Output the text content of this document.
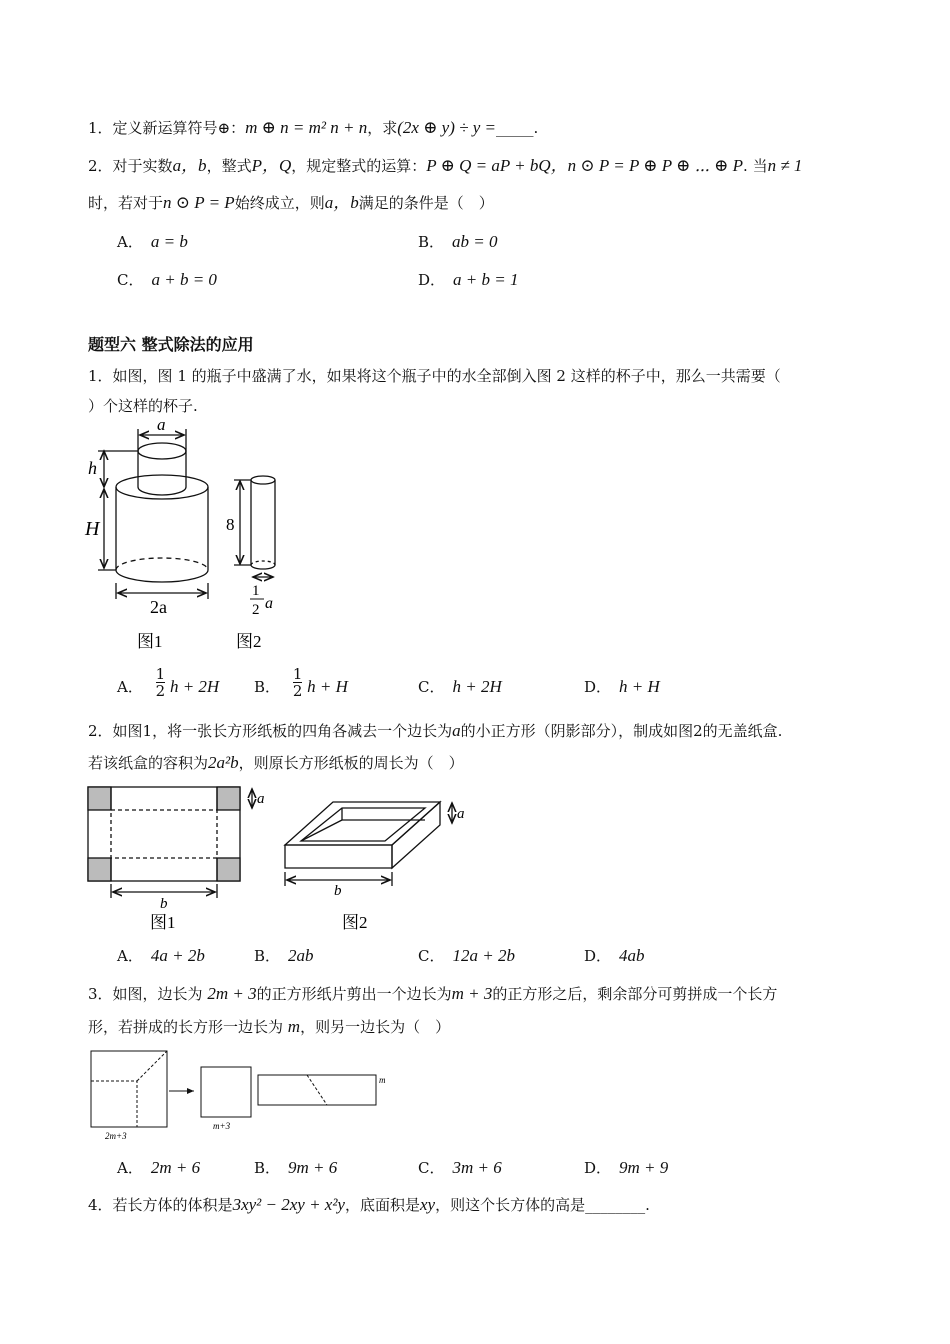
1．定义新运算符号⊕：m ⊕ n = m² n + n，求(2x ⊕ y) ÷ y =_____.
2．对于实数a，b，整式P，Q，规定整式的运算：P ⊕ Q = aP + bQ，n ⊙ P = P ⊕ P ⊕ ⋯ ⊕ P. 当n ≠ 1
时，若对于n ⊙ P = P始终成立，则a，b满足的条件是（　）
A． a = b	B． ab = 0
C． a + b = 0	D． a + b = 1
题型六 整式除法的应用
1．如图，图 1 的瓶子中盛满了水，如果将这个瓶子中的水全部倒入图 2 这样的杯子中，那么一共需要（
）个这样的杯子.
a
h
H
2a
图1
8
1
2 a
图2
A． $\frac{1}{2}$ h + 2H B． $\frac{1}{2}$ h + H	C． h + 2H	D． h + H
2．如图1，将一张长方形纸板的四角各减去一个边长为a的小正方形（阴影部分），制成如图2的无盖纸盒.
若该纸盒的容积为2a²b，则原长方形纸板的周长为（　）
a
b
图1
a
b
图2
A． 4a + 2b	B． 2ab	C． 12a + 2b	D． 4ab
3．如图，边长为 2m + 3的正方形纸片剪出一个边长为m + 3的正方形之后，剩余部分可剪拼成一个长方
形，若拼成的长方形一边长为 m，则另一边长为（　）
2m+3
m+3
m
A． 2m + 6	B． 9m + 6	C． 3m + 6	D． 9m + 9
4．若长方体的体积是3xy² − 2xy + x²y，底面积是xy，则这个长方体的高是________.
